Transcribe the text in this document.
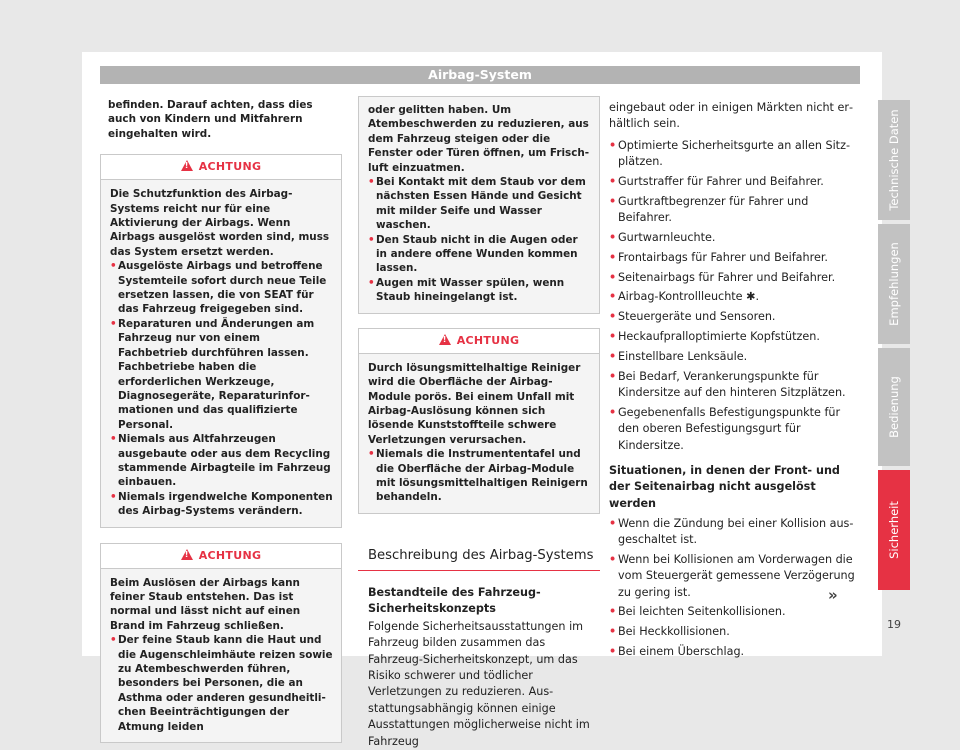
Airbag-System

befinden. Darauf achten, dass dies auch von Kindern und Mitfahrern eingehalten wird.

!ACHTUNG

Die Schutzfunktion des Airbag-Systems reicht nur für eine Aktivierung der Airbags. Wenn Airbags ausgelöst worden sind, muss das System ersetzt werden.

• Ausgelöste Airbags und betroffene Systemteile sofort durch neue Teile ersetzen lassen, die von SEAT für das Fahrzeug freigegeben sind.

• Reparaturen und Änderungen am Fahrzeug nur von einem Fachbetrieb durchführen lassen. Fachbetriebe haben die erforderlichen Werkzeuge, Diagnosegeräte, Reparaturinformationen und das qualifizierte Personal.

• Niemals aus Altfahrzeugen ausgebaute oder aus dem Recycling stammende Airbagteile im Fahrzeug einbauen.

• Niemals irgendwelche Komponenten des Airbag-Systems verändern.

!ACHTUNG

Beim Auslösen der Airbags kann feiner Staub entstehen. Das ist normal und lässt nicht auf einen Brand im Fahrzeug schließen.

• Der feine Staub kann die Haut und die Augenschleimhäute reizen sowie zu Atembeschwerden führen, besonders bei Personen, die an Asthma oder anderen gesundheitlichen Beeinträchtigungen der Atmung leiden

oder gelitten haben. Um Atembeschwerden zu reduzieren, aus dem Fahrzeug steigen oder die Fenster oder Türen öffnen, um Frischluft einzuatmen.

• Bei Kontakt mit dem Staub vor dem nächsten Essen Hände und Gesicht mit milder Seife und Wasser waschen.

• Den Staub nicht in die Augen oder in andere offene Wunden kommen lassen.

• Augen mit Wasser spülen, wenn Staub hineingelangt ist.

!ACHTUNG

Durch lösungsmittelhaltige Reiniger wird die Oberfläche der Airbag-Module porös. Bei einem Unfall mit Airbag-Auslösung können sich lösende Kunststoffteile schwere Verletzungen verursachen.

• Niemals die Instrumententafel und die Oberfläche der Airbag-Module mit lösungsmittelhaltigen Reinigern behandeln.

Beschreibung des Airbag-Systems
Bestandteile des Fahrzeug-Sicherheitskonzepts

Folgende Sicherheitsausstattungen im Fahrzeug bilden zusammen das Fahrzeug-Sicherheitskonzept, um das Risiko schwerer und tödlicher Verletzungen zu reduzieren. Ausstattungsabhängig können einige Ausstattungen möglicherweise nicht im Fahrzeug

eingebaut oder in einigen Märkten nicht erhältlich sein.

• Optimierte Sicherheitsgurte an allen Sitzplätzen.

• Gurtstraffer für Fahrer und Beifahrer.

• Gurtkraftbegrenzer für Fahrer und Beifahrer.

• Gurtwarnleuchte.

• Frontairbags für Fahrer und Beifahrer.

• Seitenairbags für Fahrer und Beifahrer.

• Airbag-Kontrollleuchte ✱.

• Steuergeräte und Sensoren.

• Heckaufpralloptimierte Kopfstützen.

• Einstellbare Lenksäule.

• Bei Bedarf, Verankerungspunkte für Kindersitze auf den hinteren Sitzplätzen.

• Gegebenenfalls Befestigungspunkte für den oberen Befestigungsgurt für Kindersitze.

Situationen, in denen der Front- und der Seitenairbag nicht ausgelöst werden

• Wenn die Zündung bei einer Kollision ausgeschaltet ist.

• Wenn bei Kollisionen am Vorderwagen die vom Steuergerät gemessene Verzögerung zu gering ist.

• Bei leichten Seitenkollisionen.

• Bei Heckkollisionen.

• Bei einem Überschlag.

»
Technische Daten
Empfehlungen
Bedienung
Sicherheit
19
